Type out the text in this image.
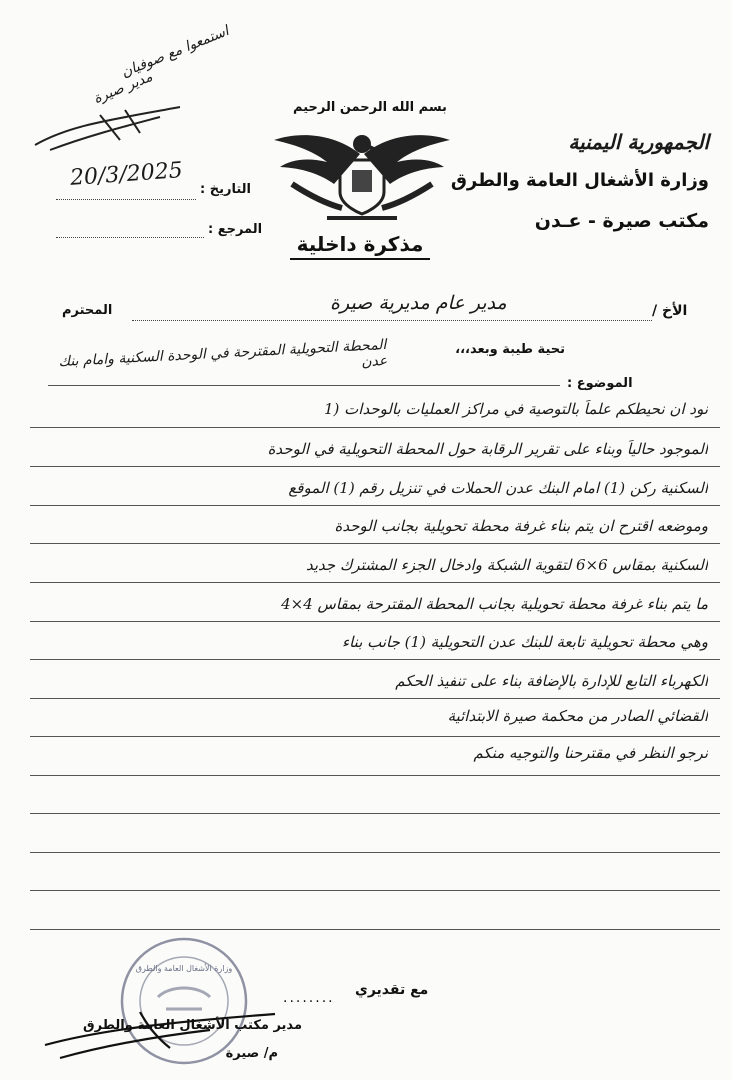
استمعوا مع صوفيان
مدير صيرة
بسم الله الرحمن الرحيم
مذكرة داخلية
الجمهورية اليمنية
وزارة الأشغال العامة والطرق
مكتب صيرة - عـدن
التاريخ :
20/3/2025
المرجع :
الأخ /
مدير عام مديرية صيرة
المحترم
تحية طيبة وبعد،،،
المحطة التحويلية المقترحة في الوحدة السكنية وامام بنك عدن
الموضوع :
نود ان نحيطكم علماً بالتوصية في مراكز العمليات بالوحدات (1
الموجود حالياً وبناء على تقرير الرقابة حول المحطة التحويلية في الوحدة
السكنية ركن (1) امام البنك عدن الحملات في تنزيل رقم (1) الموقع
وموضعه اقترح ان يتم بناء غرفة محطة تحويلية بجانب الوحدة
السكنية بمقاس 6×6 لتقوية الشبكة وادخال الجزء المشترك جديد
ما يتم بناء غرفة محطة تحويلية بجانب المحطة المقترحة بمقاس 4×4
وهي محطة تحويلية تابعة للبنك عدن التحويلية (1) جانب بناء
الكهرباء التابع للإدارة بالإضافة بناء على تنفيذ الحكم
القضائي الصادر من محكمة صيرة الابتدائية
نرجو النظر في مقترحنا والتوجيه منكم
وزارة الأشغال العامة والطرق
مع تقديري
........
مدير مكتب الأشغال العامة والطرق
م/ صيرة
